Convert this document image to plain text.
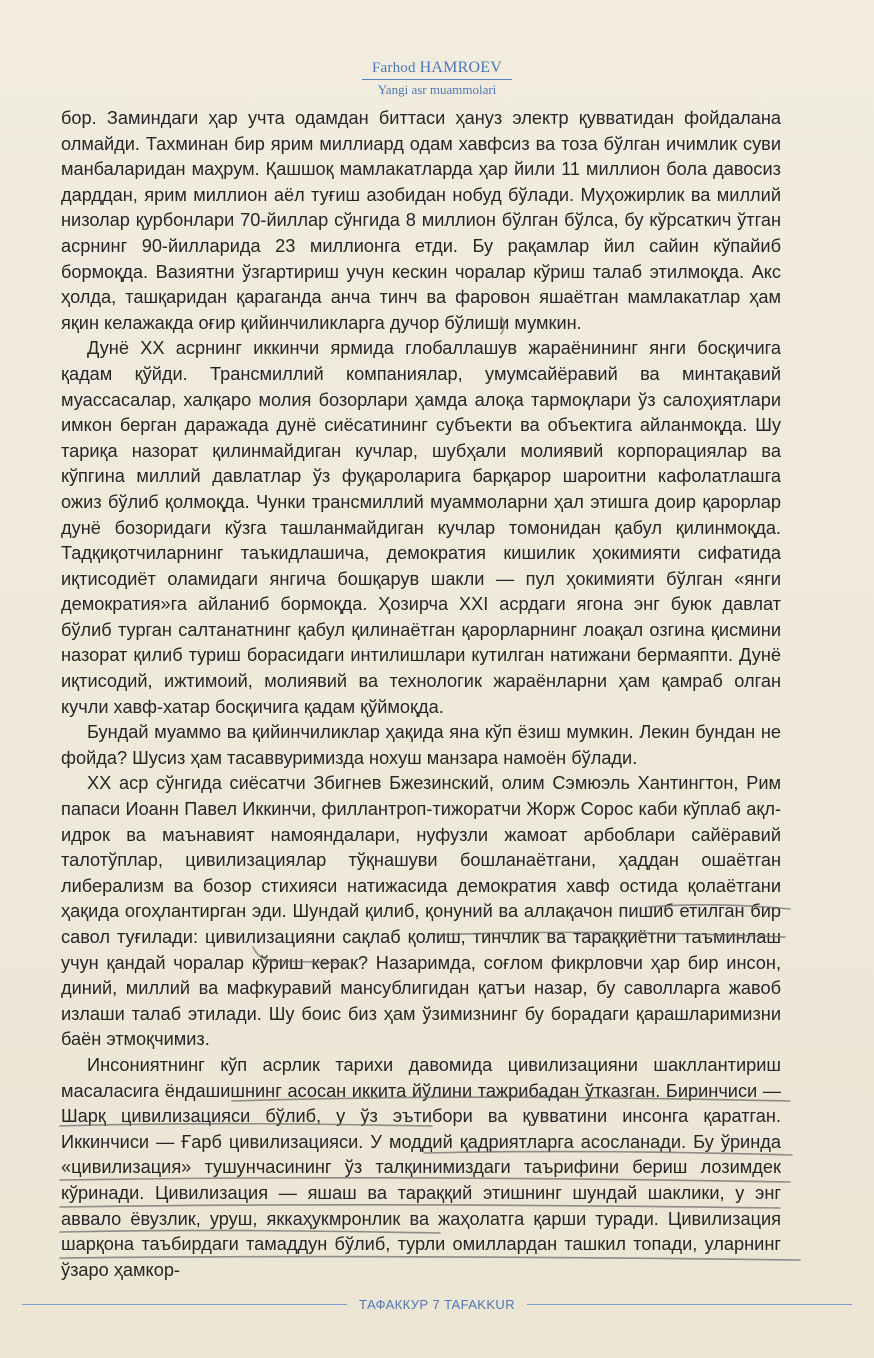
Farhod HAMROEV
Yangi asr muammolari

бор. Заминдаги ҳар учта одамдан биттаси ҳануз электр қувватидан фойдалана олмайди. Тахминан бир ярим миллиард одам хавфсиз ва тоза бўлган ичимлик суви манбаларидан маҳрум. Қашшоқ мамлакатларда ҳар йили 11 миллион бола давосиз дарддан, ярим миллион аёл туғиш азобидан нобуд бўлади. Муҳожирлик ва миллий низолар қурбонлари 70-йиллар сўнгида 8 миллион бўлган бўлса, бу кўрсаткич ўтган асрнинг 90-йилларида 23 миллионга етди. Бу рақамлар йил сайин кўпайиб бормоқда. Вазиятни ўзгартириш учун кескин чоралар кўриш талаб этилмоқда. Акс ҳолда, ташқаридан қараганда анча тинч ва фаровон яшаётган мамлакатлар ҳам яқин келажакда оғир қийинчиликларга дучор бўлиши мумкин.

Дунё XX асрнинг иккинчи ярмида глобаллашув жараёнининг янги босқичига қадам қўйди. Трансмиллий компаниялар, умумсайёравий ва минтақавий муассасалар, халқаро молия бозорлари ҳамда алоқа тармоқлари ўз салоҳиятлари имкон берган даражада дунё сиёсатининг субъекти ва объектига айланмоқда. Шу тариқа назорат қилинмайдиган кучлар, шубҳали молиявий корпорациялар ва кўпгина миллий давлатлар ўз фуқароларига барқарор шароитни кафолатлашга ожиз бўлиб қолмоқда. Чунки трансмиллий муаммоларни ҳал этишга доир қарорлар дунё бозоридаги кўзга ташланмайдиган кучлар томонидан қабул қилинмоқда. Тадқиқотчиларнинг таъкидлашича, демократия кишилик ҳокимияти сифатида иқтисодиёт оламидаги янгича бошқарув шакли — пул ҳокимияти бўлган «янги демократия»га айланиб бормоқда. Ҳозирча XXI асрдаги ягона энг буюк давлат бўлиб турган салтанатнинг қабул қилинаётган қарорларнинг лоақал озгина қисмини назорат қилиб туриш борасидаги интилишлари кутилган натижани бермаяпти. Дунё иқтисодий, ижтимоий, молиявий ва технологик жараёнларни ҳам қамраб олган кучли хавф-хатар босқичига қадам қўймоқда.

Бундай муаммо ва қийинчиликлар ҳақида яна кўп ёзиш мумкин. Лекин бундан не фойда? Шусиз ҳам тасаввуримизда нохуш манзара намоён бўлади.

XX аср сўнгида сиёсатчи Збигнев Бжезинский, олим Сэмюэль Хантингтон, Рим папаси Иоанн Павел Иккинчи, филлантроп-тижоратчи Жорж Сорос каби кўплаб ақл-идрок ва маънавият намояндалари, нуфузли жамоат арбоблари сайёравий талотўплар, цивилизациялар тўқнашуви бошланаётгани, ҳаддан ошаётган либерализм ва бозор стихияси натижасида демократия хавф остида қолаётгани ҳақида огоҳлантирган эди. Шундай қилиб, қонуний ва аллақачон пишиб етилган бир савол туғилади: цивилизацияни сақлаб қолиш, тинчлик ва тараққиётни таъминлаш учун қандай чоралар кўриш керак? Назаримда, соғлом фикрловчи ҳар бир инсон, диний, миллий ва мафкуравий мансублигидан қатъи назар, бу саволларга жавоб излаши талаб этилади. Шу боис биз ҳам ўзимизнинг бу борадаги қарашларимизни баён этмоқчимиз.

Инсониятнинг кўп асрлик тарихи давомида цивилизацияни шакллантириш масаласига ёндашишнинг асосан иккита йўлини тажрибадан ўтказган. Биринчиси — Шарқ цивилизацияси бўлиб, у ўз эътибори ва қувватини инсонга қаратган. Иккинчиси — Ғарб цивилизацияси. У моддий қадриятларга асосланади. Бу ўринда «цивилизация» тушунчасининг ўз талқинимиздаги таърифини бериш лозимдек кўринади. Цивилизация — яшаш ва тараққий этишнинг шундай шаклики, у энг аввало ёвузлик, уруш, яккаҳукмронлик ва жаҳолатга қарши туради. Цивилизация шарқона таъбирдаги тамаддун бўлиб, турли омиллардан ташкил топади, уларнинг ўзаро ҳамкор-

ТАФАККУР 7 TAFAKKUR
